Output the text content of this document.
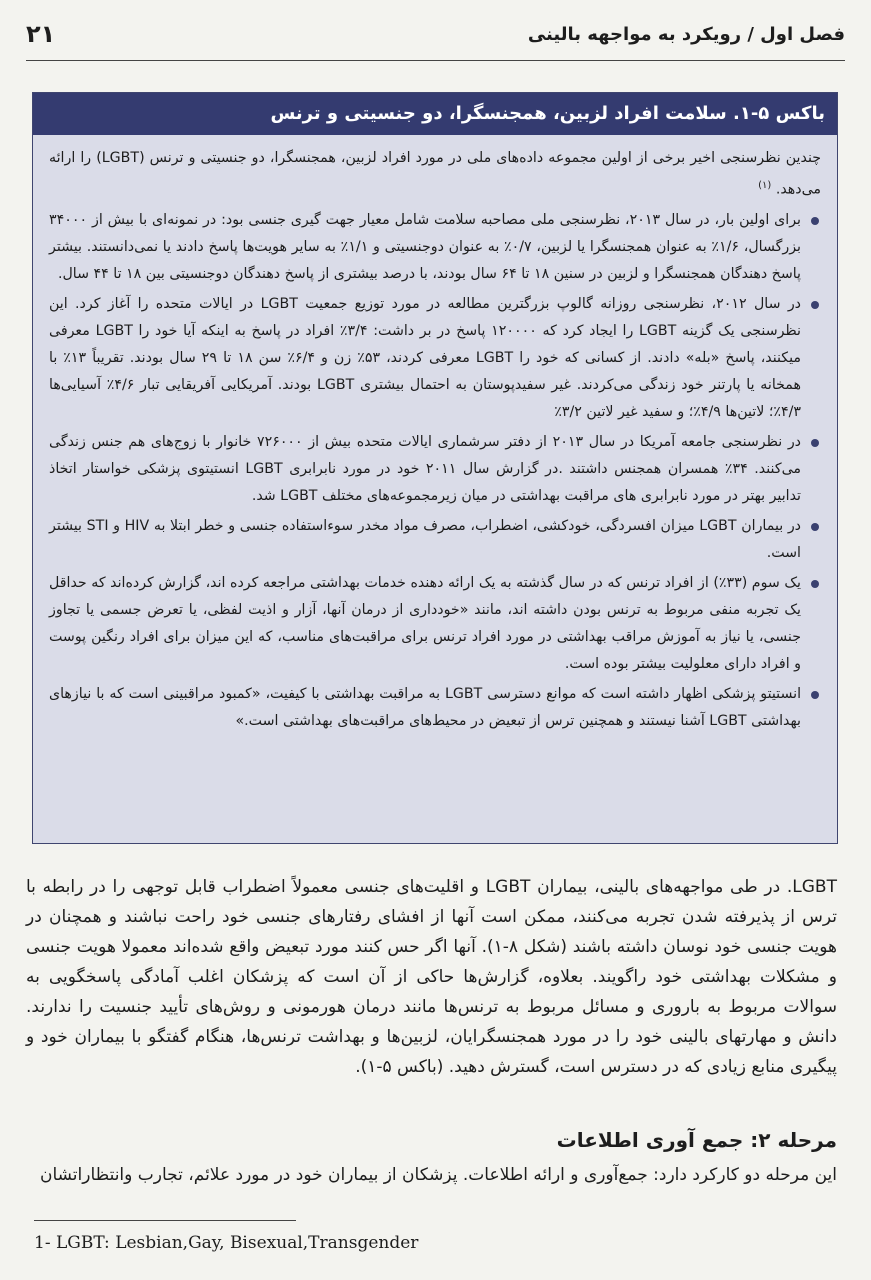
فصل اول / رویکرد به مواجهه بالینی
۲۱
باکس ۵-۱. سلامت افراد لزبین، همجنسگرا، دو جنسیتی و ترنس

چندین نظرسنجی اخیر برخی از اولین مجموعه داده‌های ملی در مورد افراد لزبین، همجنسگرا، دو جنسیتی و ترنس (LGBT) را ارائه می‌دهد. $^{(۱)}$

برای اولین بار، در سال ۲۰۱۳، نظرسنجی ملی مصاحبه سلامت شامل معیار جهت گیری جنسی بود: در نمونه‌ای با بیش از ۳۴۰۰۰ بزرگسال، ۱/۶٪ به عنوان همجنسگرا یا لزبین، ۰/۷٪ به عنوان دوجنسیتی و ۱/۱٪ به سایر هویت‌ها پاسخ دادند یا نمی‌دانستند. بیشتر پاسخ دهندگان همجنسگرا و لزبین در سنین ۱۸ تا ۶۴ سال بودند، با درصد بیشتری از پاسخ دهندگان دوجنسیتی بین ۱۸ تا ۴۴ سال.
در سال ۲۰۱۲، نظرسنجی روزانه گالوپ بزرگترین مطالعه در مورد توزیع جمعیت LGBT در ایالات متحده را آغاز کرد. این نظرسنجی یک گزینه LGBT را ایجاد کرد که ۱۲۰۰۰۰ پاسخ در بر داشت: ۳/۴٪ افراد در پاسخ به اینکه آیا خود را LGBT معرفی میکنند، پاسخ «بله» دادند. از کسانی که خود را LGBT معرفی کردند، ۵۳٪ زن و ۶/۴٪ سن ۱۸ تا ۲۹ سال بودند. تقریباً ۱۳٪ با همخانه یا پارتنر خود زندگی می‌کردند. غیر سفیدپوستان به احتمال بیشتری LGBT بودند. آمریکایی آفریقایی تبار ۴/۶٪ آسیایی‌ها ۴/۳٪؛ لاتین‌ها ۴/۹٪؛ و سفید غیر لاتین ۳/۲٪
در نظرسنجی جامعه آمریکا در سال ۲۰۱۳ از دفتر سرشماری ایالات متحده بیش از ۷۲۶۰۰۰ خانوار با زوج‌های هم جنس زندگی می‌کنند. ۳۴٪ همسران همجنس داشتند .در گزارش سال ۲۰۱۱ خود در مورد نابرابری LGBT انستیتوی پزشکی خواستار اتخاذ تدابیر بهتر در مورد نابرابری های مراقبت بهداشتی در میان زیرمجموعه‌های مختلف LGBT شد.
در بیماران LGBT میزان افسردگی، خودکشی، اضطراب، مصرف مواد مخدر سوءاستفاده جنسی و خطر ابتلا به HIV و STI بیشتر است.
یک سوم (۳۳٪) از افراد ترنس که در سال گذشته به یک ارائه دهنده خدمات بهداشتی مراجعه کرده اند، گزارش کرده‌اند که حداقل یک تجربه منفی مربوط به ترنس بودن داشته اند، مانند «خودداری از درمان آنها، آزار و اذیت لفظی، یا تعرض جسمی یا تجاوز جنسی، یا نیاز به آموزش مراقب بهداشتی در مورد افراد ترنس برای مراقبت‌های مناسب، که این میزان برای افراد رنگین پوست و افراد دارای معلولیت بیشتر بوده است.
انستیتو پزشکی اظهار داشته است که موانع دسترسی LGBT به مراقبت بهداشتی با کیفیت، «کمبود مراقبینی است که با نیازهای بهداشتی LGBT آشنا نیستند و همچنین ترس از تبعیض در محیط‌های مراقبت‌های بهداشتی است.»

LGBT. در طی مواجهه‌های بالینی، بیماران LGBT و اقلیت‌های جنسی معمولاً اضطراب قابل توجهی را در رابطه با ترس از پذیرفته شدن تجربه می‌کنند، ممکن است آنها از افشای رفتارهای جنسی خود راحت نباشند و همچنان در هویت جنسی خود نوسان داشته باشند (شکل ۸-۱). آنها اگر حس کنند مورد تبعیض واقع شده‌اند معمولا هویت جنسی و مشکلات بهداشتی خود راگویند. بعلاوه، گزارش‌ها حاکی از آن است که پزشکان اغلب آمادگی پاسخگویی به سوالات مربوط به باروری و مسائل مربوط به ترنس‌ها مانند درمان هورمونی و روش‌های تأیید جنسیت را ندارند. دانش و مهارتهای بالینی خود را در مورد همجنسگرایان، لزبین‌ها و بهداشت ترنس‌ها، هنگام گفتگو با بیماران خود و پیگیری منابع زیادی که در دسترس است، گسترش دهید. (باکس ۵-۱).

مرحله ۲: جمع آوری اطلاعات
این مرحله دو کارکرد دارد: جمع‌آوری و ارائه اطلاعات. پزشکان از بیماران خود در مورد علائم، تجارب وانتظاراتشان
1- LGBT: Lesbian,Gay, Bisexual,Transgender
